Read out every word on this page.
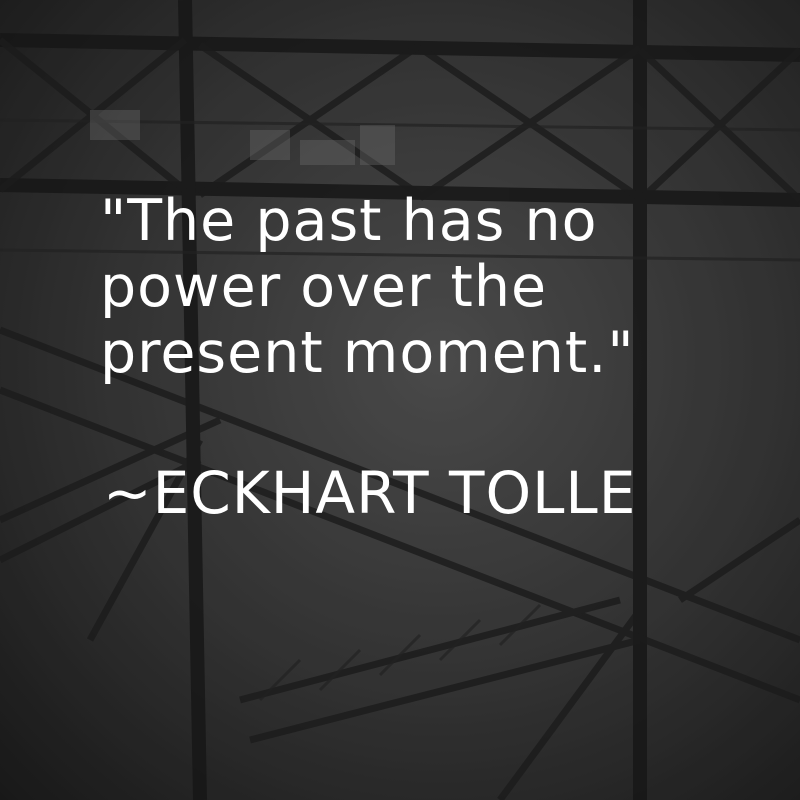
"The past has no
power over the
present moment."

~ECKHART TOLLE
